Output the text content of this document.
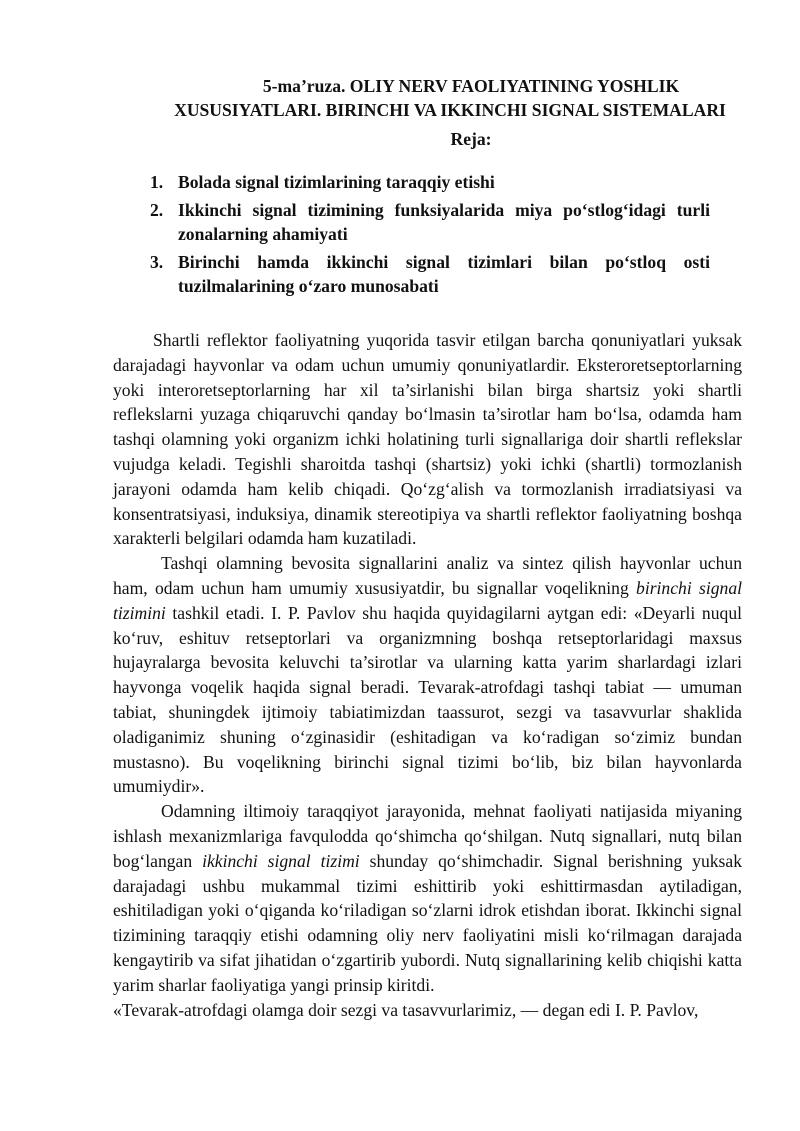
5-ma’ruza. OLIY NERV FAOLIYATINING YOSHLIK
XUSUSIYATLARI. BIRINCHI VA IKKINCHI SIGNAL SISTEMALARI
Reja:
1. Bolada signal tizimlarining taraqqiy etishi
2. Ikkinchi signal tizimining funksiyalarida miya po‘stlog‘idagi turli zonalarning ahamiyati
3. Birinchi hamda ikkinchi signal tizimlari bilan po‘stloq osti tuzilmalarining o‘zaro munosabati

Shartli reflektor faoliyatning yuqorida tasvir etilgan barcha qonuniyatlari yuksak darajadagi hayvonlar va odam uchun umumiy qonuniyatlardir. Eksteroretseptorlarning yoki interoretseptorlarning har xil ta’sirlanishi bilan birga shartsiz yoki shartli reflekslarni yuzaga chiqaruvchi qanday bo‘lmasin ta’sirotlar ham bo‘lsa, odamda ham tashqi olamning yoki organizm ichki holatining turli signallariga doir shartli reflekslar vujudga keladi. Tegishli sharoitda tashqi (shartsiz) yoki ichki (shartli) tormozlanish jarayoni odamda ham kelib chiqadi. Qo‘zg‘alish va tormozlanish irradiatsiyasi va konsentratsiyasi, induksiya, dinamik stereotipiya va shartli reflektor faoliyatning boshqa xarakterli belgilari odamda ham kuzatiladi.

Tashqi olamning bevosita signallarini analiz va sintez qilish hayvonlar uchun ham, odam uchun ham umumiy xususiyatdir, bu signallar voqelikning birinchi signal tizimini tashkil etadi. I. P. Pavlov shu haqida quyidagilarni aytgan edi: «Deyarli nuqul ko‘ruv, eshituv retseptorlari va organizmning boshqa retseptorlaridagi maxsus hujayralarga bevosita keluvchi ta’sirotlar va ularning katta yarim sharlardagi izlari hayvonga voqelik haqida signal beradi. Tevarak-atrofdagi tashqi tabiat — umuman tabiat, shuningdek ijtimoiy tabiatimizdan taassurot, sezgi va tasavvurlar shaklida oladiganimiz shuning o‘zginasidir (eshitadigan va ko‘radigan so‘zimiz bundan mustasno). Bu voqelikning birinchi signal tizimi bo‘lib, biz bilan hayvonlarda umumiydir».

Odamning iltimoiy taraqqiyot jarayonida, mehnat faoliyati natijasida miyaning ishlash mexanizmlariga favqulodda qo‘shimcha qo‘shilgan. Nutq signallari, nutq bilan bog‘langan ikkinchi signal tizimi shunday qo‘shimchadir. Signal berishning yuksak darajadagi ushbu mukammal tizimi eshittirib yoki eshittirmasdan aytiladigan, eshitiladigan yoki o‘qiganda ko‘riladigan so‘zlarni idrok etishdan iborat. Ikkinchi signal tizimining taraqqiy etishi odamning oliy nerv faoliyatini misli ko‘rilmagan darajada kengaytirib va sifat jihatidan o‘zgartirib yubordi. Nutq signallarining kelib chiqishi katta yarim sharlar faoliyatiga yangi prinsip kiritdi.

«Tevarak-atrofdagi olamga doir sezgi va tasavvurlarimiz, — degan edi I. P. Pavlov,
